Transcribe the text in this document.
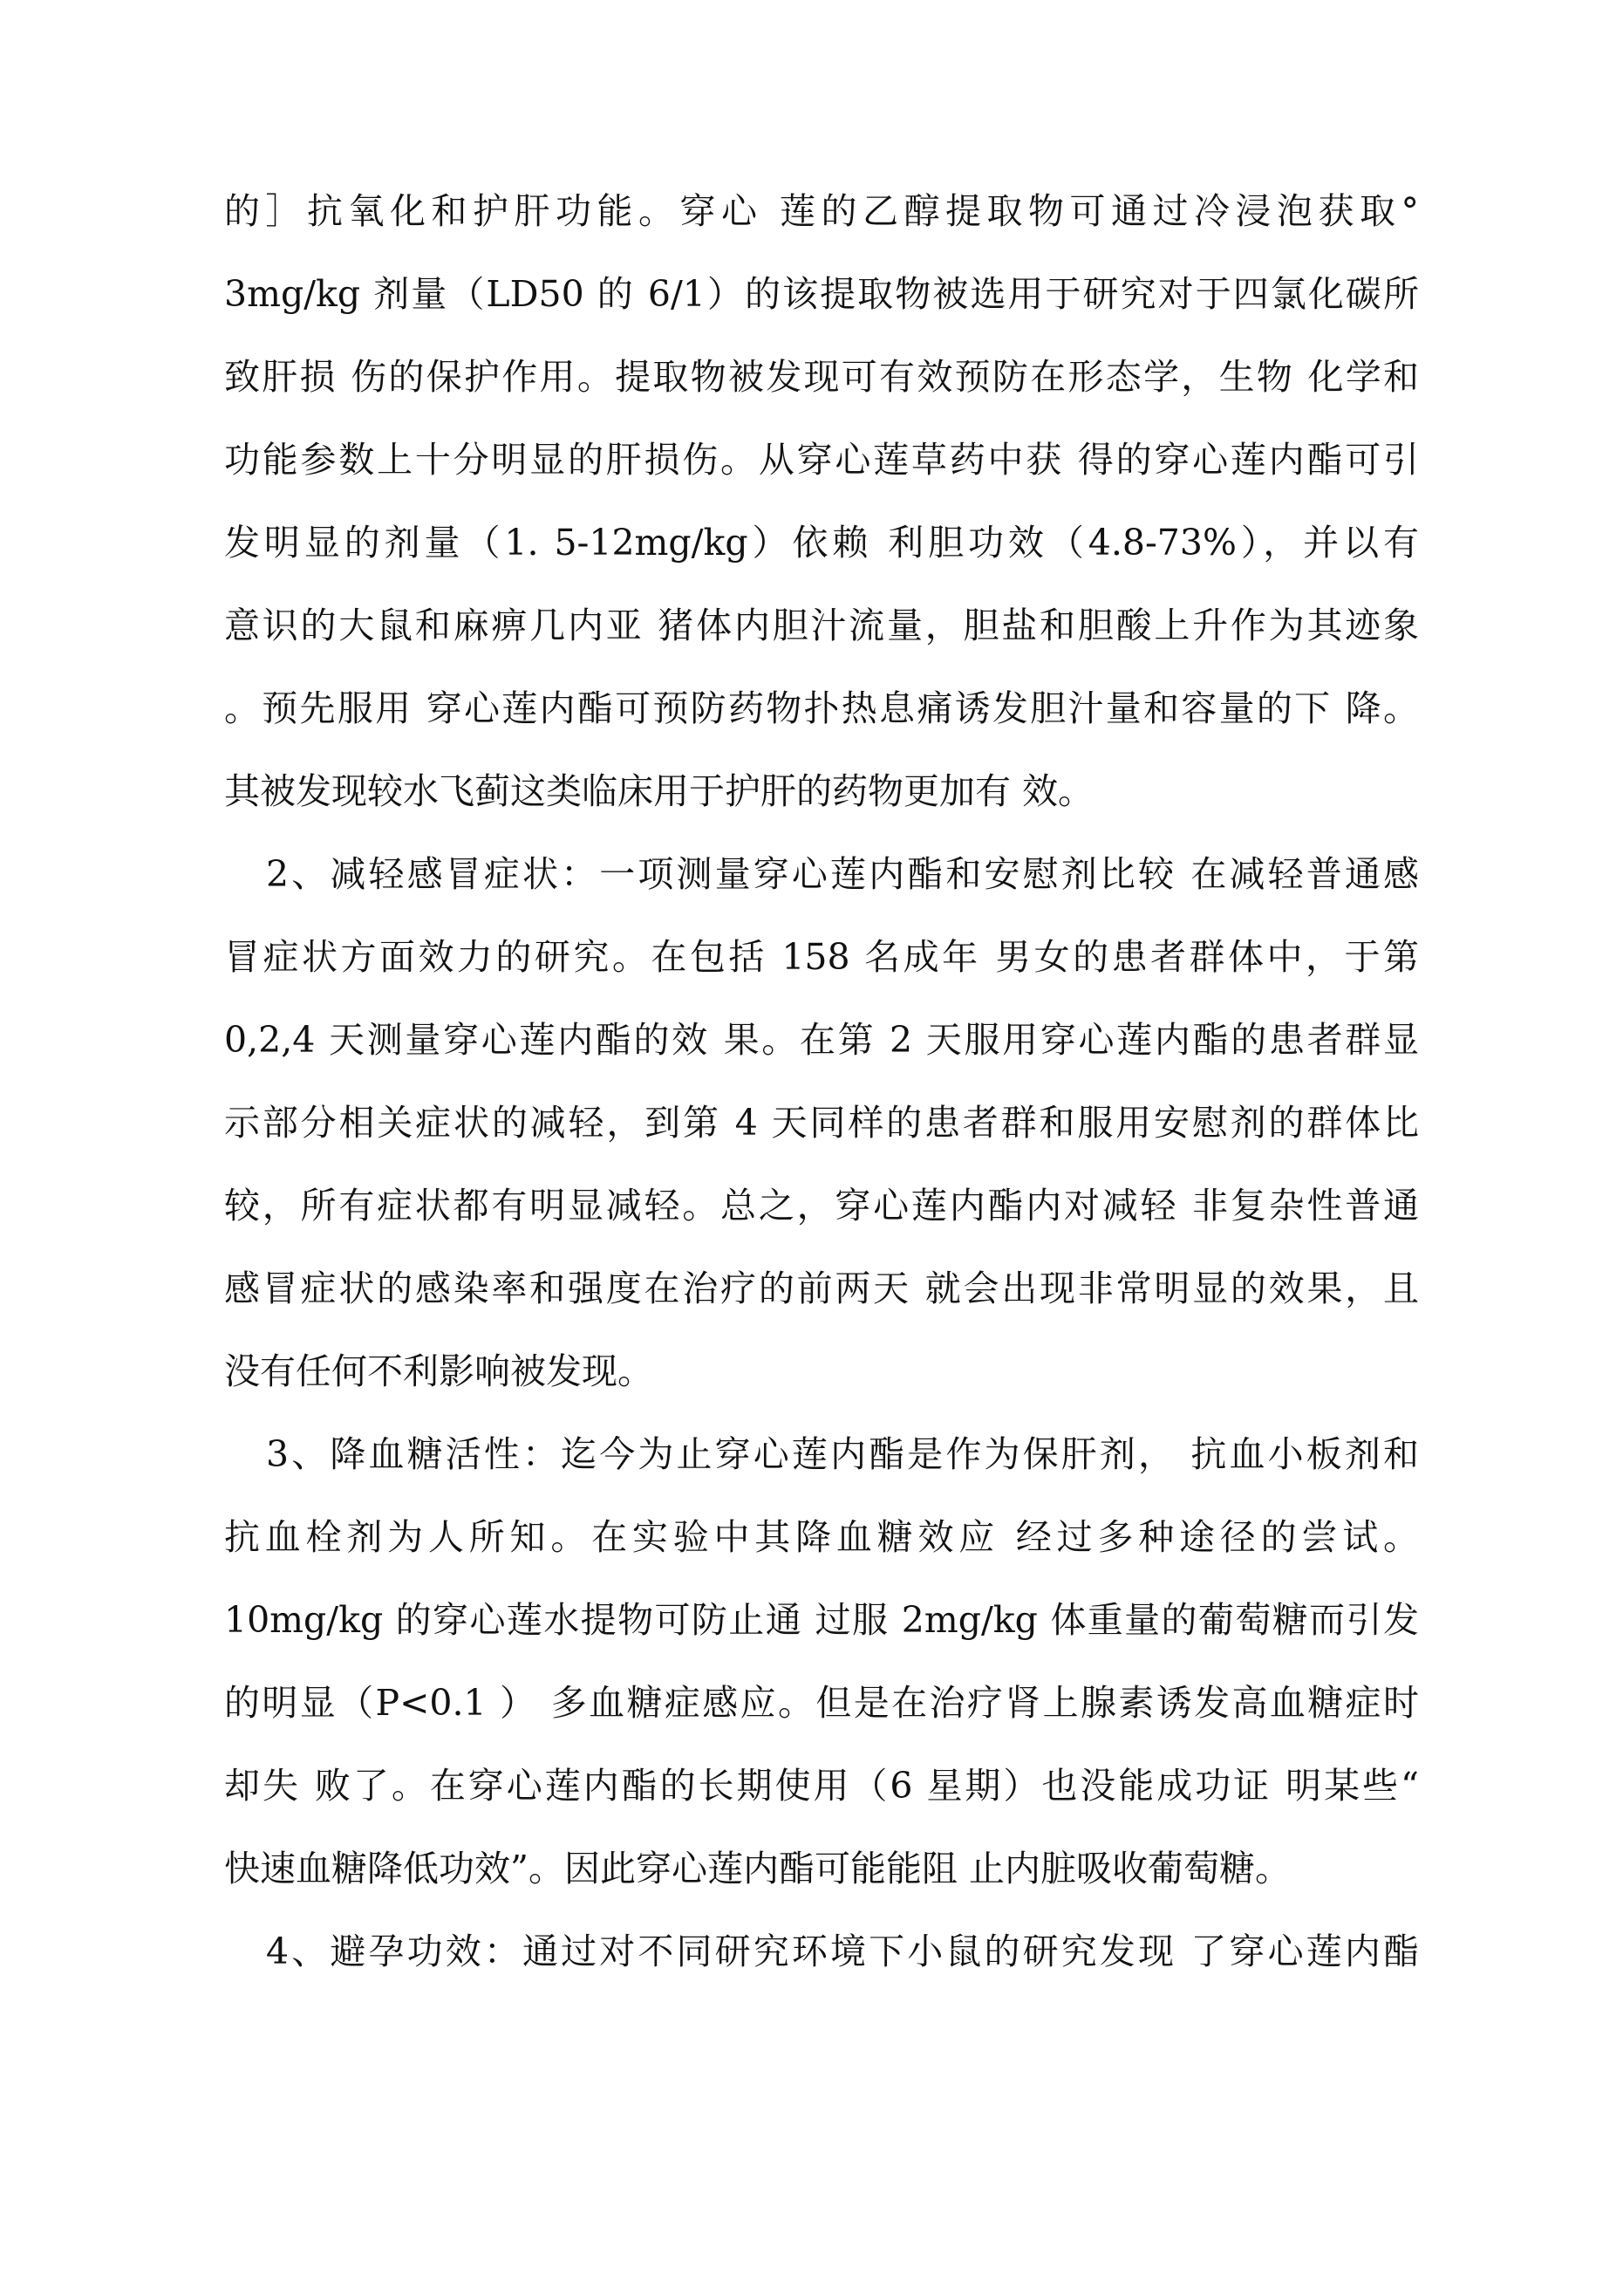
的］抗氧化和护肝功能。穿心 莲的乙醇提取物可通过冷浸泡获取°
3mg/kg 剂量（LD50 的 6/1）的该提取物被选用于研究对于四氯化碳所
致肝损 伤的保护作用。提取物被发现可有效预防在形态学，生物 化学和
功能参数上十分明显的肝损伤。从穿心莲草药中获 得的穿心莲内酯可引
发明显的剂量（1. 5-12mg/kg）依赖 利胆功效（4.8-73%），并以有
意识的大鼠和麻痹几内亚 猪体内胆汁流量，胆盐和胆酸上升作为其迹象
。预先服用 穿心莲内酯可预防药物扑热息痛诱发胆汁量和容量的下 降。
其被发现较水飞蓟这类临床用于护肝的药物更加有 效。
2、减轻感冒症状：一项测量穿心莲内酯和安慰剂比较 在减轻普通感
冒症状方面效力的研究。在包括 158 名成年 男女的患者群体中，于第
0,2,4 天测量穿心莲内酯的效 果。在第 2 天服用穿心莲内酯的患者群显
示部分相关症状的减轻，到第 4 天同样的患者群和服用安慰剂的群体比
较，所有症状都有明显减轻。总之，穿心莲内酯内对减轻 非复杂性普通
感冒症状的感染率和强度在治疗的前两天 就会出现非常明显的效果，且
没有任何不利影响被发现。
3、降血糖活性：迄今为止穿心莲内酯是作为保肝剂， 抗血小板剂和
抗血栓剂为人所知。在实验中其降血糖效应 经过多种途径的尝试。
10mg/kg 的穿心莲水提物可防止通 过服 2mg/kg 体重量的葡萄糖而引发
的明显（P<0.1 ） 多血糖症感应。但是在治疗肾上腺素诱发高血糖症时
却失 败了。在穿心莲内酯的长期使用（6 星期）也没能成功证 明某些“
快速血糖降低功效”。因此穿心莲内酯可能能阻 止内脏吸收葡萄糖。
4、避孕功效：通过对不同研究环境下小鼠的研究发现 了穿心莲内酯
